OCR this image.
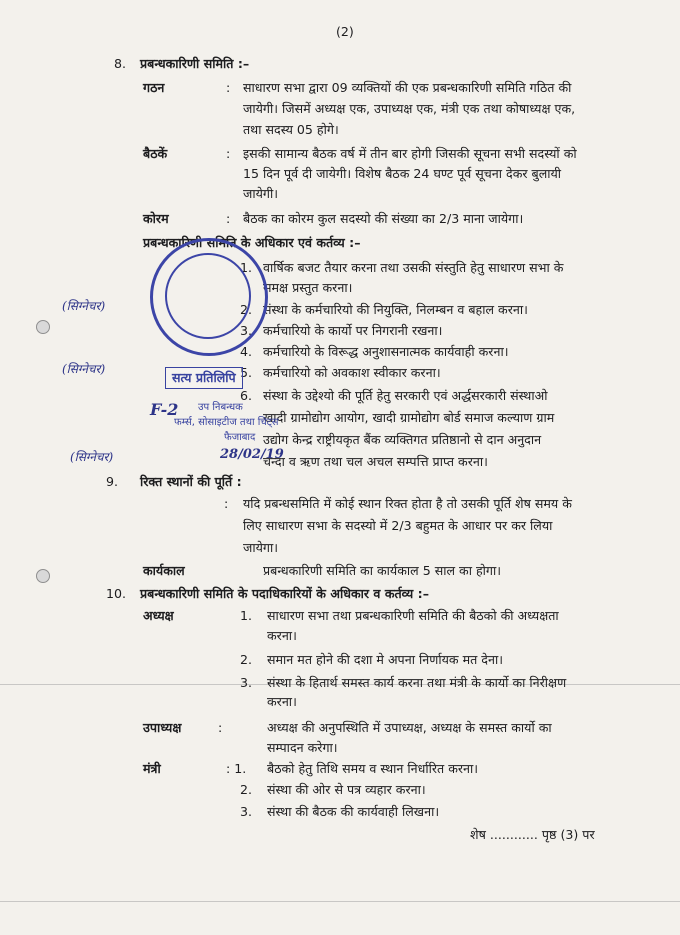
(2)
8. प्रबन्धकारिणी समिति :–
गठन	: साधारण सभा द्वारा 09 व्यक्तियों की एक प्रबन्धकारिणी समिति गठित की
जायेगी। जिसमें अध्यक्ष एक, उपाध्यक्ष एक, मंत्री एक तथा कोषाध्यक्ष एक,
तथा सदस्य 05 होगे।
बैठकें	: इसकी सामान्य बैठक वर्ष में तीन बार होगी जिसकी सूचना सभी सदस्यों को
15 दिन पूर्व दी जायेगी। विशेष बैठक 24 घण्ट पूर्व सूचना देकर बुलायी
जायेगी।
कोरम	: बैठक का कोरम कुल सदस्यो की संख्या का 2/3 माना जायेगा।
प्रबन्धकारिणी समिति के अधिकार एवं कर्तव्य :–
1. वार्षिक बजट तैयार करना तथा उसकी संस्तुति हेतु साधारण सभा के
समक्ष प्रस्तुत करना।
2. संस्था के कर्मचारियो की नियुक्ति, निलम्बन व बहाल करना।
3. कर्मचारियो के कार्यो पर निगरानी रखना।
4. कर्मचारियो के विरूद्ध अनुशासनात्मक कार्यवाही करना।
5. कर्मचारियो को अवकाश स्वीकार करना।
6. संस्था के उद्देश्यो की पूर्ति हेतु सरकारी एवं अर्द्धसरकारी संस्थाओ
खादी ग्रामोद्योग आयोग, खादी ग्रामोद्योग बोर्ड समाज कल्याण ग्राम
उद्योग केन्द्र राष्ट्रीयकृत बैंक व्यक्तिगत प्रतिष्ठानो से दान अनुदान
चन्दा व ऋण तथा चल अचल सम्पत्ति प्राप्त करना।
9. रिक्त स्थानों की पूर्ति :
: यदि प्रबन्धसमिति में कोई स्थान रिक्त होता है तो उसकी पूर्ति शेष समय के
लिए साधारण सभा के सदस्यो में 2/3 बहुमत के आधार पर कर लिया
जायेगा।
कार्यकाल	प्रबन्धकारिणी समिति का कार्यकाल 5 साल का होगा।
10. प्रबन्धकारिणी समिति के पदाधिकारियों के अधिकार व कर्तव्य :–
अध्यक्ष	1. साधारण सभा तथा प्रबन्धकारिणी समिति की बैठको की अध्यक्षता
करना।
2. समान मत होने की दशा मे अपना निर्णायक मत देना।
3. संस्था के हितार्थ समस्त कार्य करना तथा मंत्री के कार्यो का निरीक्षण
करना।
उपाध्यक्ष	:	अध्यक्ष की अनुपस्थिति में उपाध्यक्ष, अध्यक्ष के समस्त कार्यो का
सम्पादन करेगा।
मंत्री	: 1. बैठको हेतु तिथि समय व स्थान निर्धारित करना।
2. संस्था की ओर से पत्र व्यहार करना।
3. संस्था की बैठक की कार्यवाही लिखना।
शेष ............ पृष्ठ (3) पर
सत्य प्रतिलिपि
उप निबन्धक
फर्म्स, सोसाइटीज तथा चिट्स
फैजाबाद
(सिग्नेचर)
(सिग्नेचर)
(सिग्नेचर)
F-2
28/02/19
